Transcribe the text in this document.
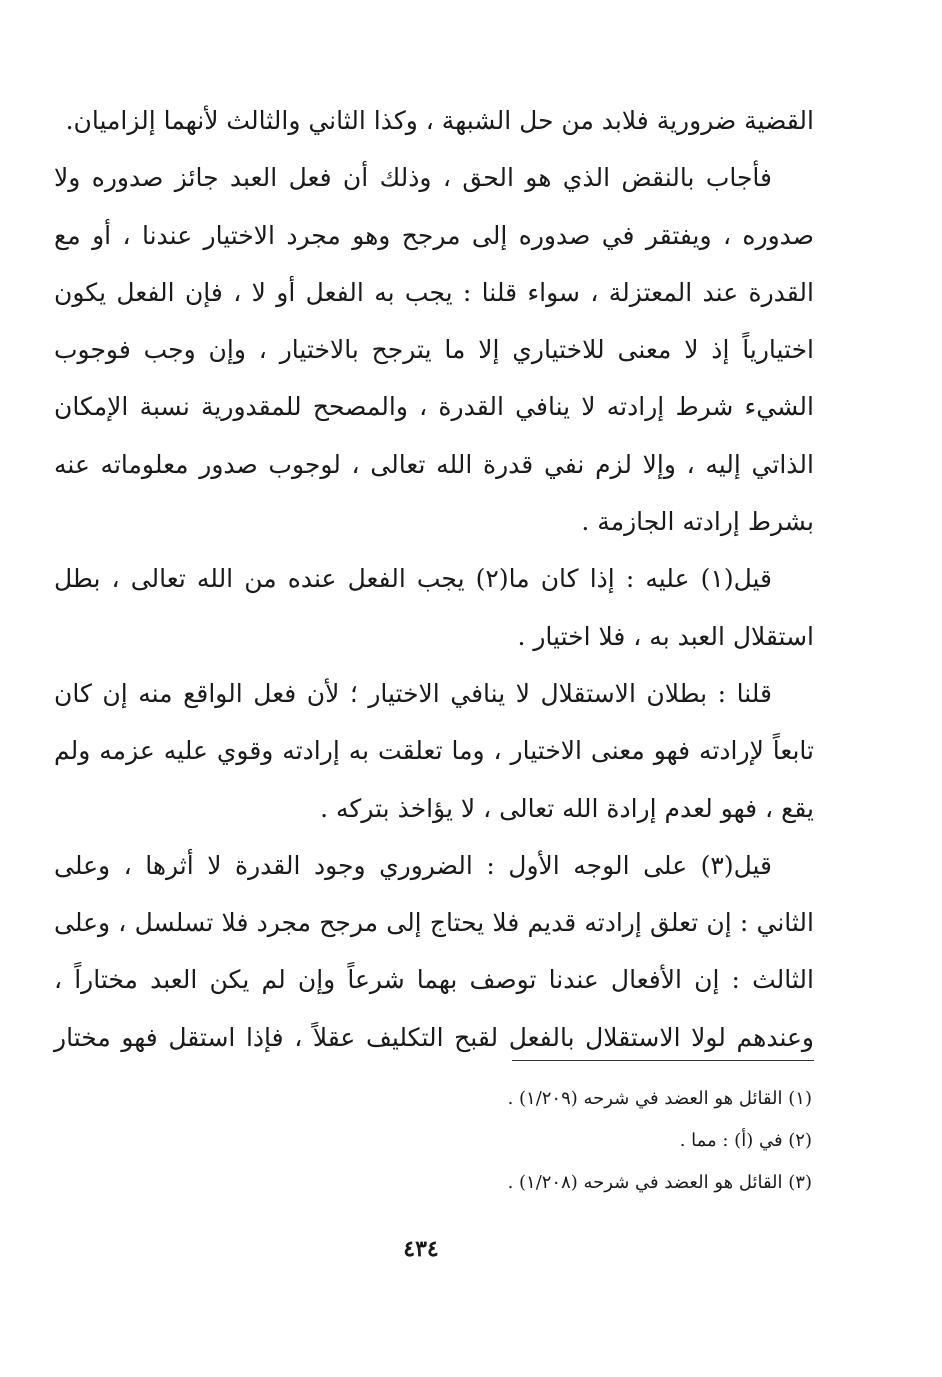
القضية ضرورية فلابد من حل الشبهة ، وكذا الثاني والثالث لأنهما إلزاميان.
فأجاب بالنقض الذي هو الحق ، وذلك أن فعل العبد جائز صدوره ولا
صدوره ، ويفتقر في صدوره إلى مرجح وهو مجرد الاختيار عندنا ، أو مع
القدرة عند المعتزلة ، سواء قلنا : يجب به الفعل أو لا ، فإن الفعل يكون
اختيارياً إذ لا معنى للاختياري إلا ما يترجح بالاختيار ، وإن وجب فوجوب
الشيء شرط إرادته لا ينافي القدرة ، والمصحح للمقدورية نسبة الإمكان
الذاتي إليه ، وإلا لزم نفي قدرة الله تعالى ، لوجوب صدور معلوماته عنه
بشرط إرادته الجازمة .
قيل(١) عليه : إذا كان ما(٢) يجب الفعل عنده من الله تعالى ، بطل
استقلال العبد به ، فلا اختيار .
قلنا : بطلان الاستقلال لا ينافي الاختيار ؛ لأن فعل الواقع منه إن كان
تابعاً لإرادته فهو معنى الاختيار ، وما تعلقت به إرادته وقوي عليه عزمه ولم
يقع ، فهو لعدم إرادة الله تعالى ، لا يؤاخذ بتركه .
قيل(٣) على الوجه الأول : الضروري وجود القدرة لا أثرها ، وعلى
الثاني : إن تعلق إرادته قديم فلا يحتاج إلى مرجح مجرد فلا تسلسل ، وعلى
الثالث : إن الأفعال عندنا توصف بهما شرعاً وإن لم يكن العبد مختاراً ،
وعندهم لولا الاستقلال بالفعل لقبح التكليف عقلاً ، فإذا استقل فهو مختار
(١) القائل هو العضد في شرحه (١/٢٠٩) .
(٢) في (أ) : مما .
(٣) القائل هو العضد في شرحه (١/٢٠٨) .
٤٣٤
